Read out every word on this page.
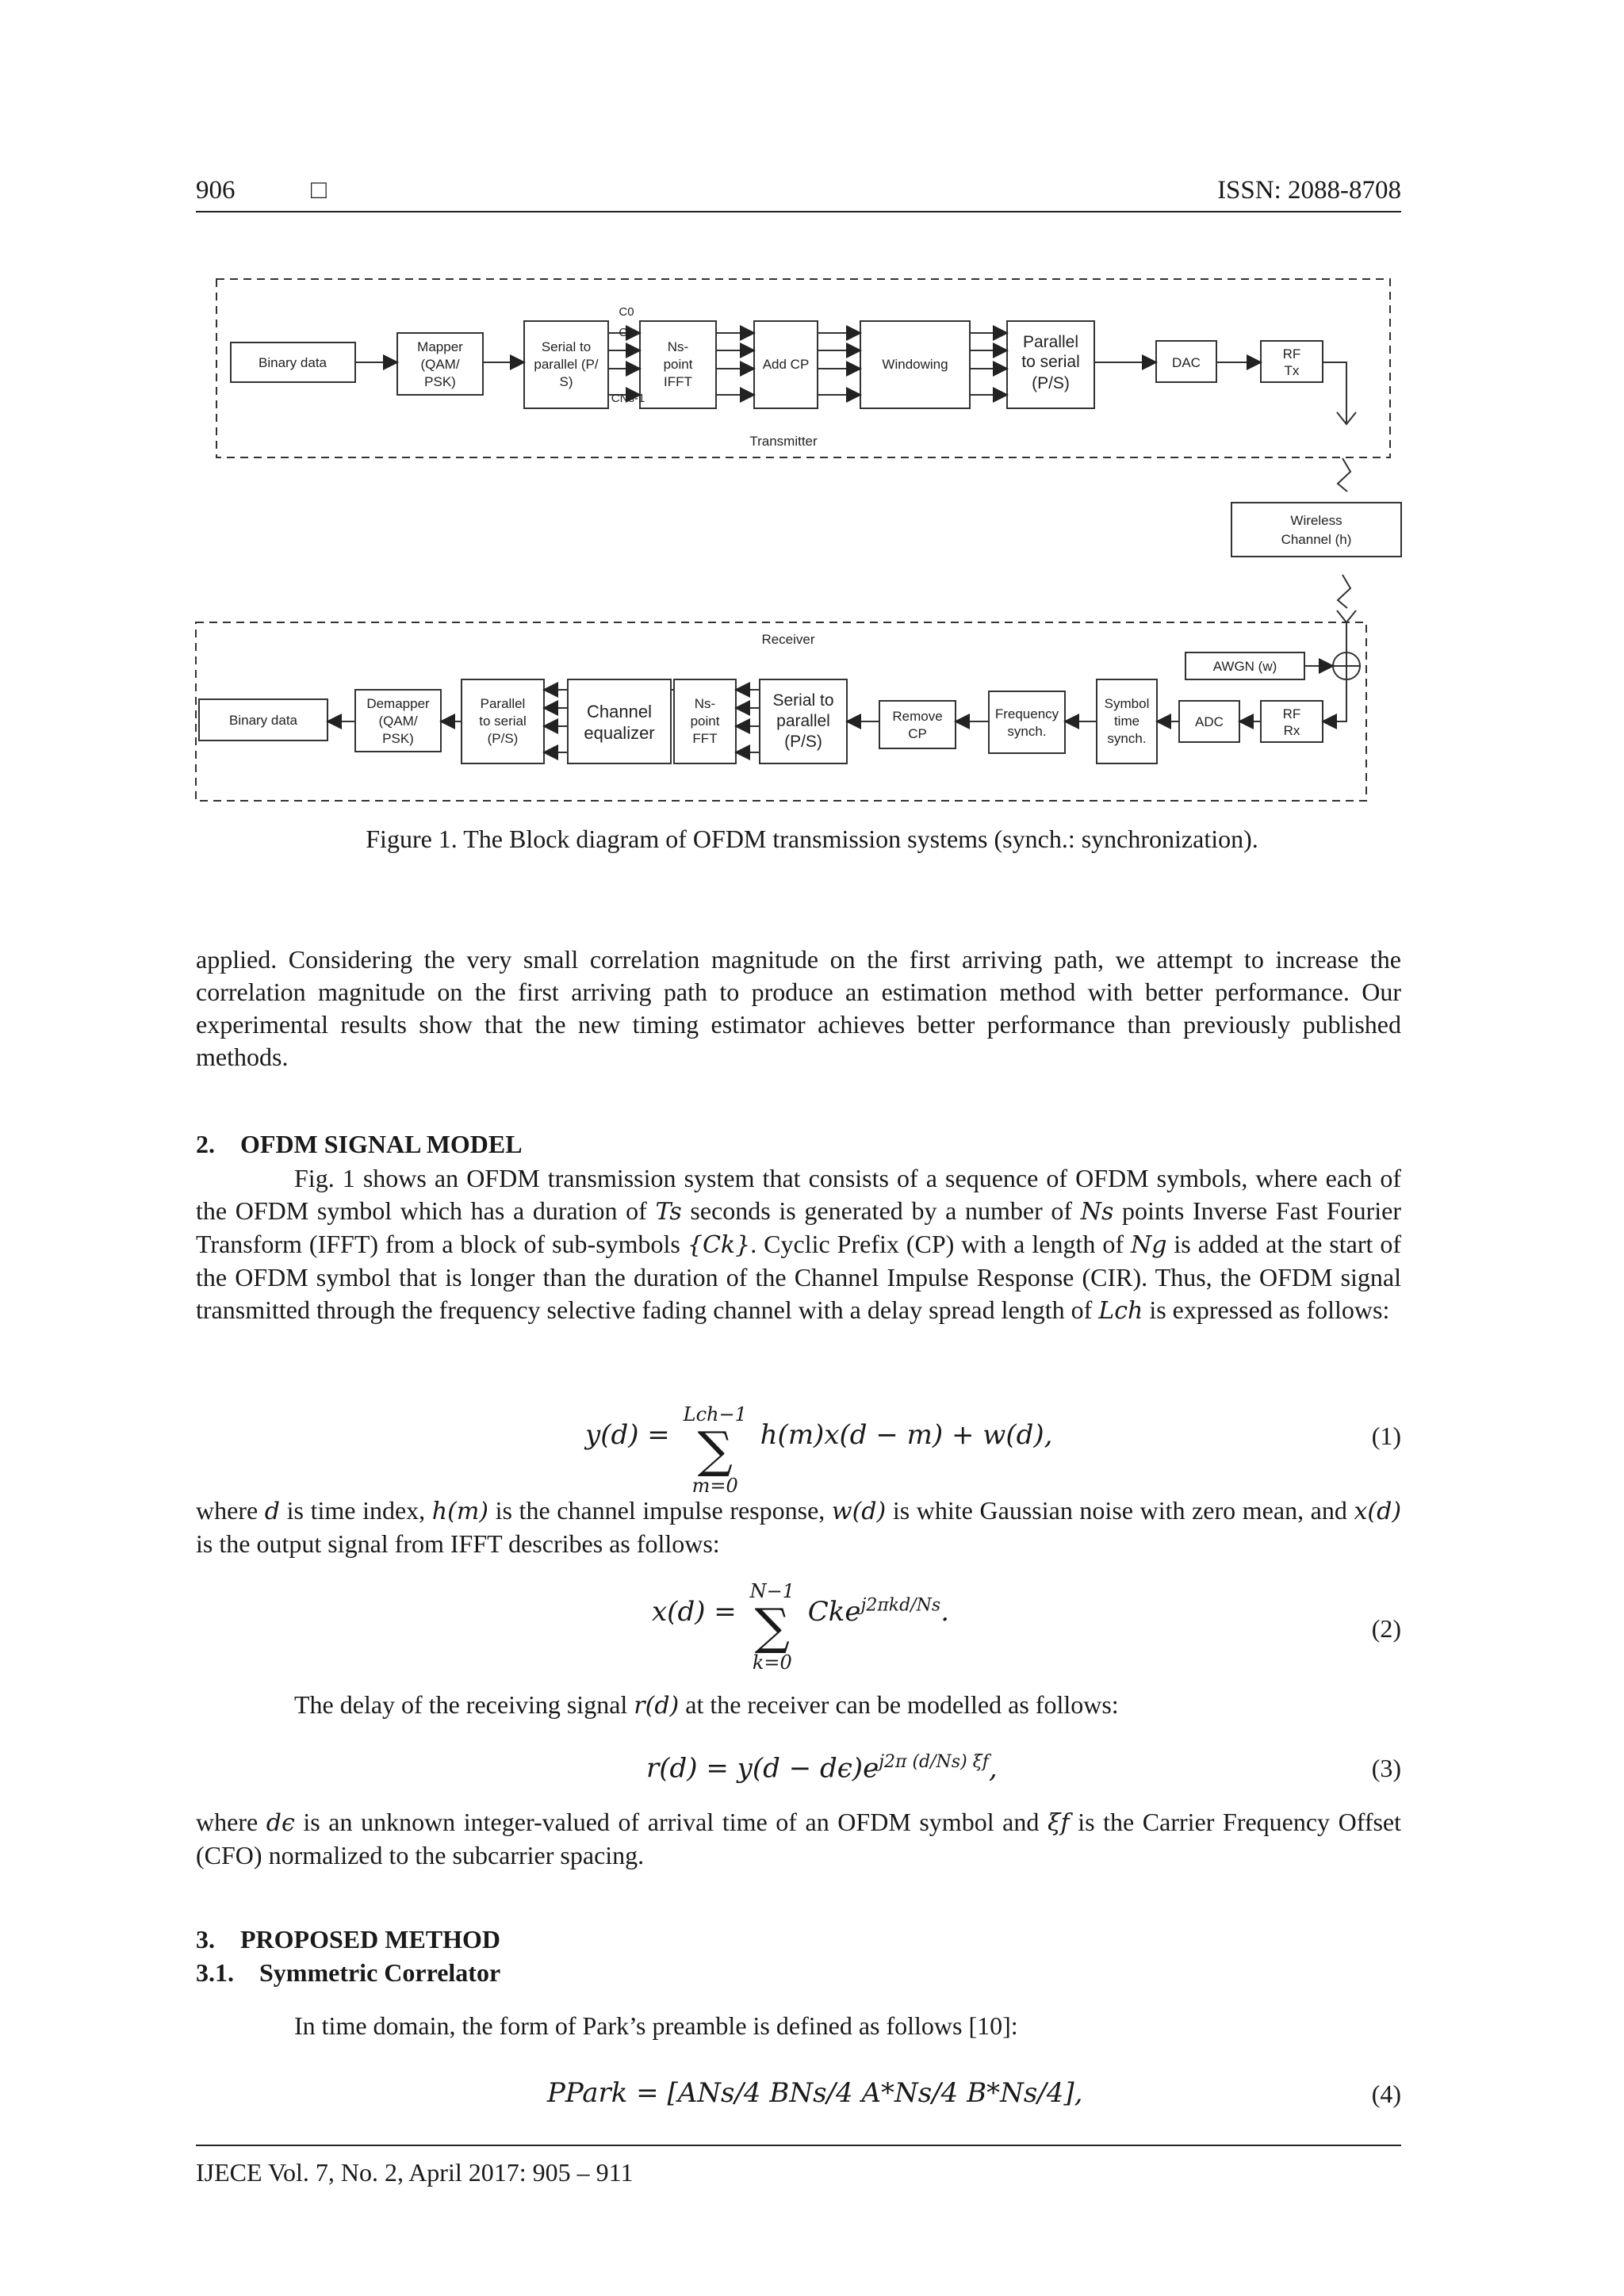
906	□	ISSN: 2088-8708
Binary data
Mapper
(QAM/
PSK)
Serial to
parallel (P/
S)
C0
C1
CNs-1
Ns-
point
IFFT
Add CP	Windowing
Parallel
to serial
(P/S)
DAC
RF
Tx
Transmitter
Wireless
Channel (h)
Receiver
AWGN (w)
Binary data
Demapper
(QAM/
PSK)
Parallel
to serial
(P/S)
Channel
equalizer
Ns-
point
FFT
Serial to
parallel
(P/S)
Remove
CP
Frequency
synch.
Symbol
time
synch.
ADC
RF
Rx
Figure 1. The Block diagram of OFDM transmission systems (synch.: synchronization).

applied. Considering the very small correlation magnitude on the first arriving path, we attempt to increase the correlation magnitude on the first arriving path to produce an estimation method with better performance. Our experimental results show that the new timing estimator achieves better performance than previously published methods.

2.    OFDM SIGNAL MODEL

Fig. 1 shows an OFDM transmission system that consists of a sequence of OFDM symbols, where each of the OFDM symbol which has a duration of Ts seconds is generated by a number of Ns points Inverse Fast Fourier Transform (IFFT) from a block of sub-symbols {Ck}. Cyclic Prefix (CP) with a length of Ng is added at the start of the OFDM symbol that is longer than the duration of the Channel Impulse Response (CIR). Thus, the OFDM signal transmitted through the frequency selective fading channel with a delay spread length of Lch is expressed as follows:

y(d) =
Lch−1
∑
m=0
h(m)x(d − m) + w(d),	(1)

where d is time index, h(m) is the channel impulse response, w(d) is white Gaussian noise with zero mean, and x(d) is the output signal from IFFT describes as follows:

x(d) =
N−1
∑
k=0
Cke$^{j2\pi kd/Ns}$.
(2)

The delay of the receiving signal r(d) at the receiver can be modelled as follows:

$r(d) = y(d - d\epsilon)e^{j2\pi (d/Ns) \xi f}$,	(3)

where dϵ is an unknown integer-valued of arrival time of an OFDM symbol and ξf is the Carrier Frequency Offset (CFO) normalized to the subcarrier spacing.

3.    PROPOSED METHOD
3.1.    Symmetric Correlator

In time domain, the form of Park’s preamble is defined as follows [10]:

PPark = [ANs/4 BNs/4 A*Ns/4 B*Ns/4],	(4)
IJECE Vol. 7, No. 2, April 2017: 905 – 911
